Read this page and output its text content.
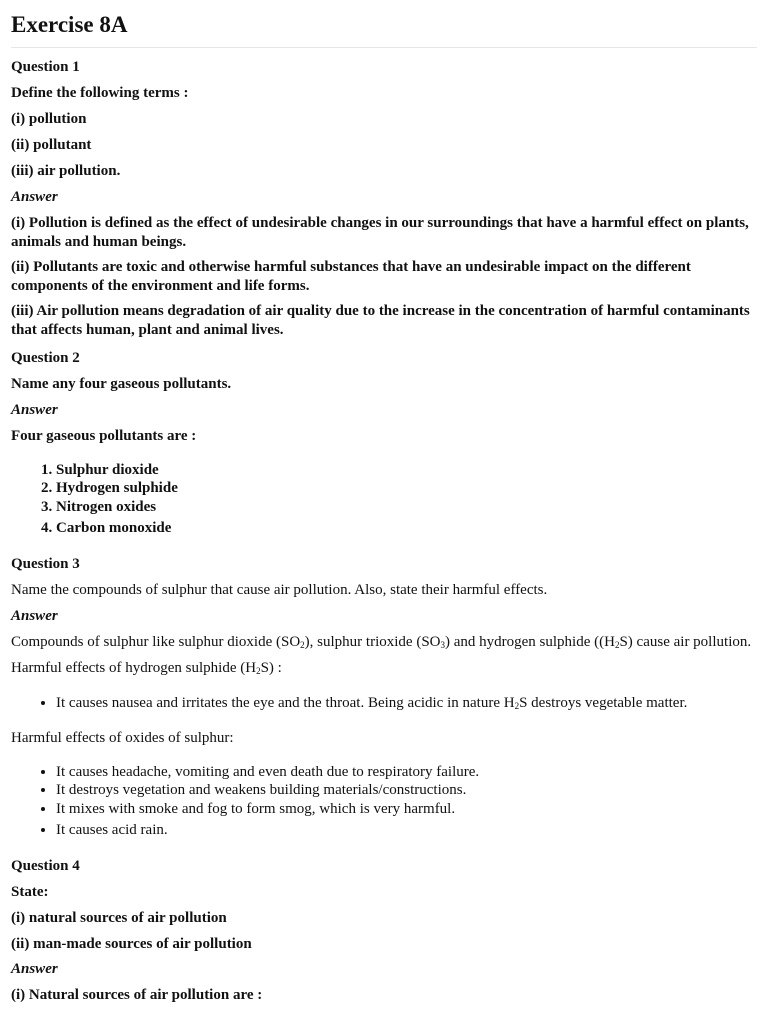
Exercise 8A

Question 1

Define the following terms :

(i) pollution

(ii) pollutant

(iii) air pollution.

Answer

(i) Pollution is defined as the effect of undesirable changes in our surroundings that have a harmful effect on plants, animals and human beings.

(ii) Pollutants are toxic and otherwise harmful substances that have an undesirable impact on the different components of the environment and life forms.

(iii) Air pollution means degradation of air quality due to the increase in the concentration of harmful contaminants that affects human, plant and animal lives.

Question 2

Name any four gaseous pollutants.

Answer

Four gaseous pollutants are :

1. Sulphur dioxide
2. Hydrogen sulphide
3. Nitrogen oxides
4. Carbon monoxide

Question 3

Name the compounds of sulphur that cause air pollution. Also, state their harmful effects.

Answer

Compounds of sulphur like sulphur dioxide $(SO_2)$, sulphur trioxide $(SO_3)$ and hydrogen sulphide ($(H_2S)$ cause air pollution.

Harmful effects of hydrogen sulphide $(H_2S)$ :

• It causes nausea and irritates the eye and the throat. Being acidic in nature $H_2S$ destroys vegetable matter.

Harmful effects of oxides of sulphur:

• It causes headache, vomiting and even death due to respiratory failure.
• It destroys vegetation and weakens building materials/constructions.
• It mixes with smoke and fog to form smog, which is very harmful.
• It causes acid rain.

Question 4

State:

(i) natural sources of air pollution

(ii) man-made sources of air pollution

Answer

(i) Natural sources of air pollution are :
